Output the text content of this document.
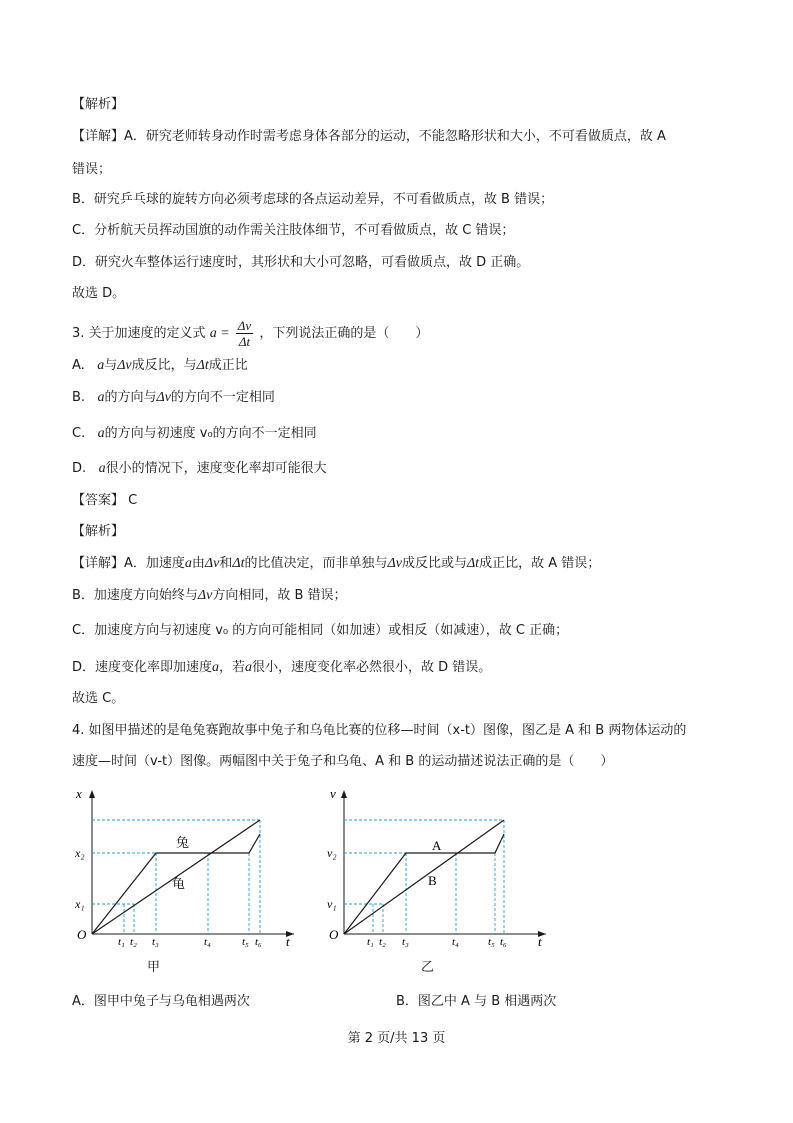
【解析】
【详解】A．研究老师转身动作时需考虑身体各部分的运动，不能忽略形状和大小，不可看做质点，故 A
错误；
B．研究乒乓球的旋转方向必须考虑球的各点运动差异，不可看做质点，故 B 错误；
C．分析航天员挥动国旗的动作需关注肢体细节，不可看做质点，故 C 错误；
D．研究火车整体运行速度时，其形状和大小可忽略，可看做质点，故 D 正确。
故选 D。
3. 关于加速度的定义式 $a = \frac{\Delta v}{\Delta t}$ ，下列说法正确的是（　　）
A. a与Δv成反比，与Δt成正比
B. a的方向与Δv的方向不一定相同
C. a的方向与初速度 v₀的方向不一定相同
D. a很小的情况下，速度变化率却可能很大
【答案】 C
【解析】
【详解】A．加速度a由Δv和Δt的比值决定，而非单独与Δv成反比或与Δt成正比，故 A 错误；
B．加速度方向始终与Δv方向相同，故 B 错误；
C．加速度方向与初速度 v₀ 的方向可能相同（如加速）或相反（如减速），故 C 正确；
D．速度变化率即加速度a，若a很小，速度变化率必然很小，故 D 错误。
故选 C。
4. 如图甲描述的是龟兔赛跑故事中兔子和乌龟比赛的位移—时间（x-t）图像，图乙是 A 和 B 两物体运动的
速度—时间（v-t）图像。两幅图中关于兔子和乌龟、A 和 B 的运动描述说法正确的是（　　）
x
t
O
x₂
x₁
t₁ t₂ t₃	t₄	t₅ t₆
兔
龟
甲
v
t
O
v₂
v₁
t₁ t₂ t₃	t₄	t₅ t₆
A
B
乙
A．图甲中兔子与乌龟相遇两次	B．图乙中 A 与 B 相遇两次
第 2 页/共 13 页
